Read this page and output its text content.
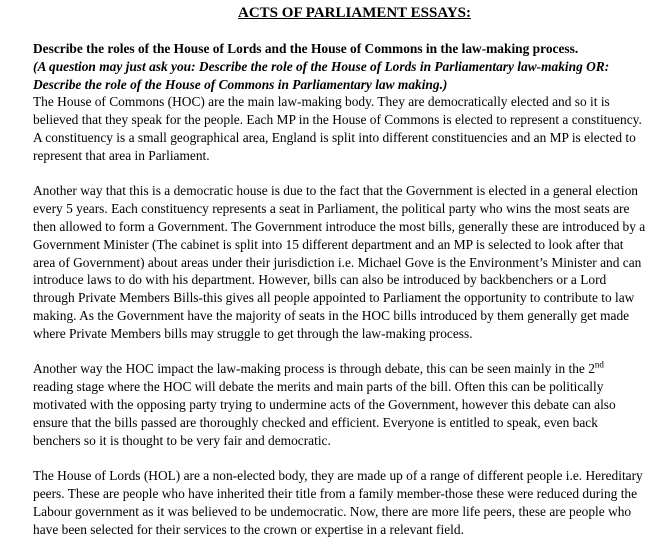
ACTS OF PARLIAMENT ESSAYS:
Describe the roles of the House of Lords and the House of Commons in the law-making process.
(A question may just ask you: Describe the role of the House of Lords in Parliamentary law-making OR: Describe the role of the House of Commons in Parliamentary law making.)

The House of Commons (HOC) are the main law-making body. They are democratically elected and so it is believed that they speak for the people. Each MP in the House of Commons is elected to represent a constituency. A constituency is a small geographical area, England is split into different constituencies and an MP is elected to represent that area in Parliament.

Another way that this is a democratic house is due to the fact that the Government is elected in a general election every 5 years. Each constituency represents a seat in Parliament, the political party who wins the most seats are then allowed to form a Government. The Government introduce the most bills, generally these are introduced by a Government Minister (The cabinet is split into 15 different department and an MP is selected to look after that area of Government) about areas under their jurisdiction i.e. Michael Gove is the Environment’s Minister and can introduce laws to do with his department. However, bills can also be introduced by backbenchers or a Lord through Private Members Bills-this gives all people appointed to Parliament the opportunity to contribute to law making. As the Government have the majority of seats in the HOC bills introduced by them generally get made where Private Members bills may struggle to get through the law-making process.

Another way the HOC impact the law-making process is through debate, this can be seen mainly in the 2nd reading stage where the HOC will debate the merits and main parts of the bill. Often this can be politically motivated with the opposing party trying to undermine acts of the Government, however this debate can also ensure that the bills passed are thoroughly checked and efficient. Everyone is entitled to speak, even back benchers so it is thought to be very fair and democratic.

The House of Lords (HOL) are a non-elected body, they are made up of a range of different people i.e. Hereditary peers. These are people who have inherited their title from a family member-those these were reduced during the Labour government as it was believed to be undemocratic. Now, there are more life peers, these are people who have been selected for their services to the crown or expertise in a relevant field.
